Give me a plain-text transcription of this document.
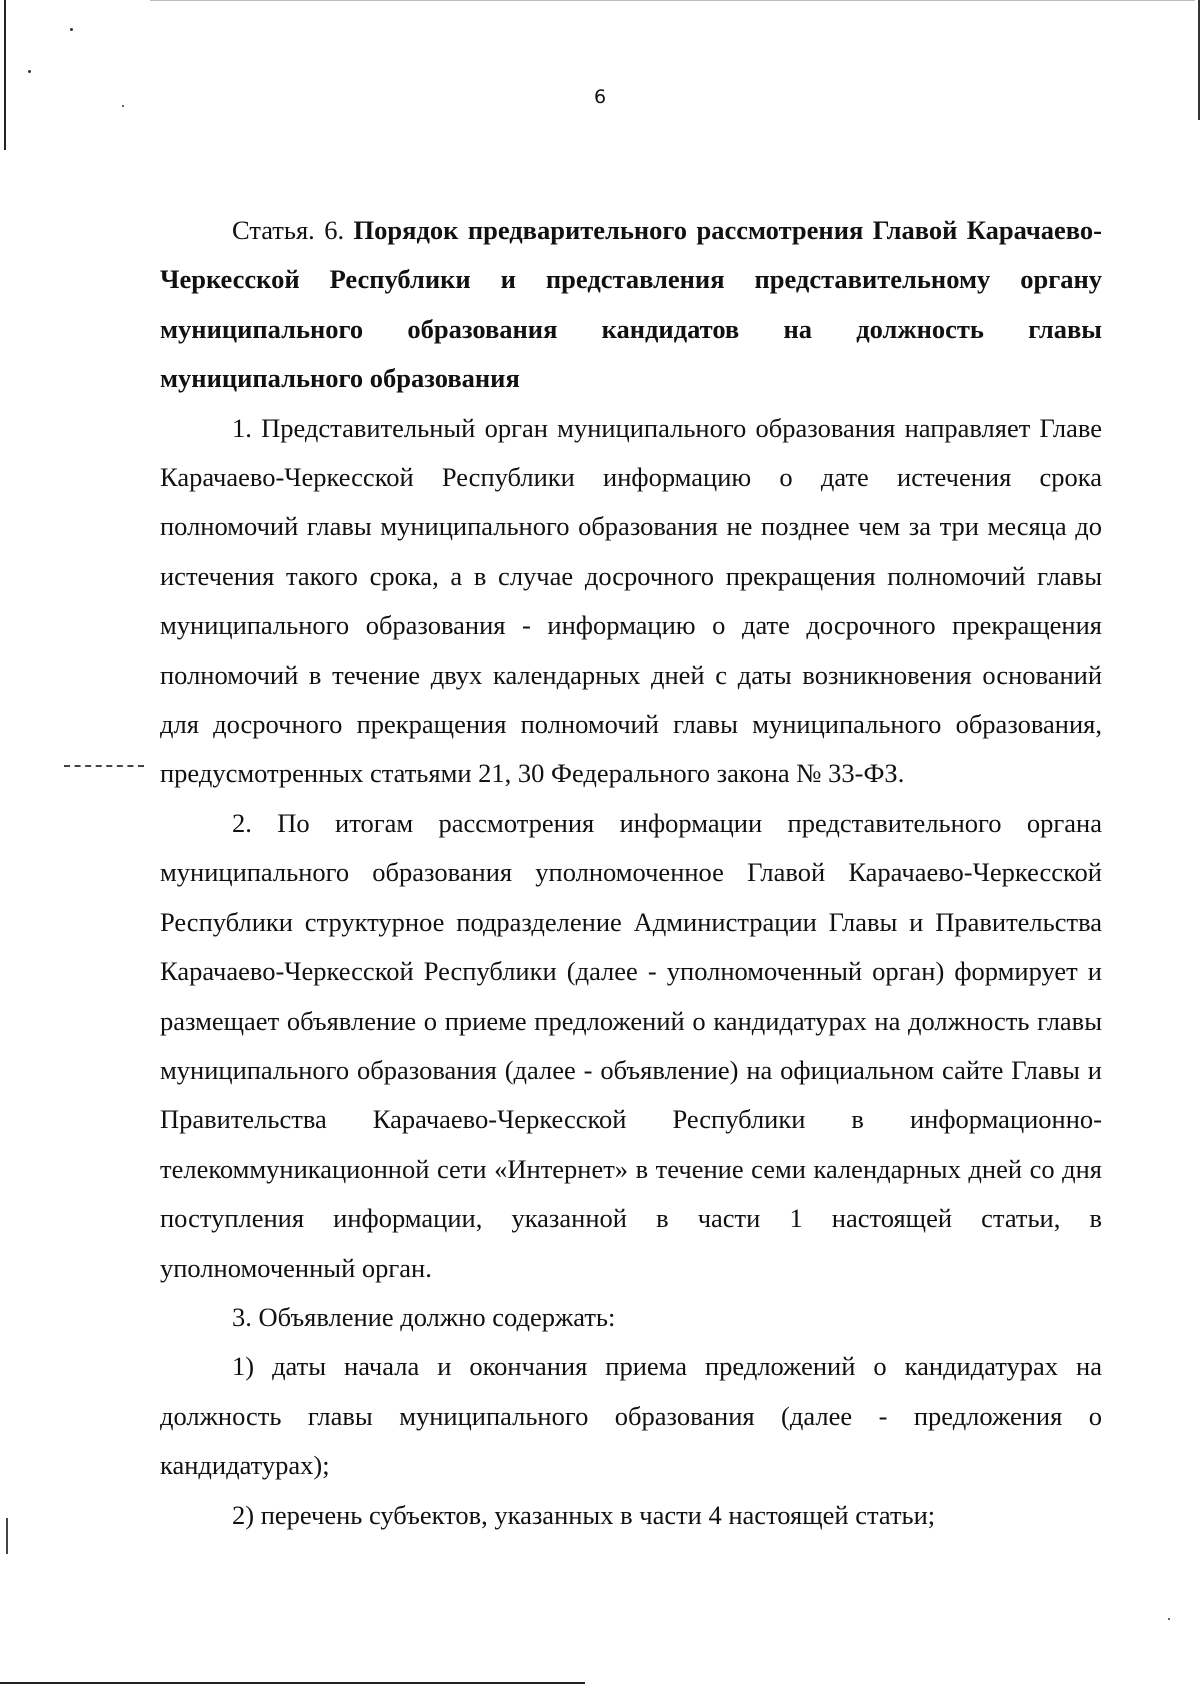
6

Статья. 6. Порядок предварительного рассмотрения Главой Карачаево-Черкесской Республики и представления представительному органу муниципального образования кандидатов на должность главы муниципального образования

1. Представительный орган муниципального образования направляет Главе Карачаево-Черкесской Республики информацию о дате истечения срока полномочий главы муниципального образования не позднее чем за три месяца до истечения такого срока, а в случае досрочного прекращения полномочий главы муниципального образования - информацию о дате досрочного прекращения полномочий в течение двух календарных дней с даты возникновения оснований для досрочного прекращения полномочий главы муниципального образования, предусмотренных статьями 21, 30 Федерального закона № 33-ФЗ.

2. По итогам рассмотрения информации представительного органа муниципального образования уполномоченное Главой Карачаево-Черкесской Республики структурное подразделение Администрации Главы и Правительства Карачаево-Черкесской Республики (далее - уполномоченный орган) формирует и размещает объявление о приеме предложений о кандидатурах на должность главы муниципального образования (далее - объявление) на официальном сайте Главы и Правительства Карачаево-Черкесской Республики в информационно-телекоммуникационной сети «Интернет» в течение семи календарных дней со дня поступления информации, указанной в части 1 настоящей статьи, в уполномоченный орган.

3. Объявление должно содержать:

1) даты начала и окончания приема предложений о кандидатурах на должность главы муниципального образования (далее - предложения о кандидатурах);

2) перечень субъектов, указанных в части 4 настоящей статьи;
